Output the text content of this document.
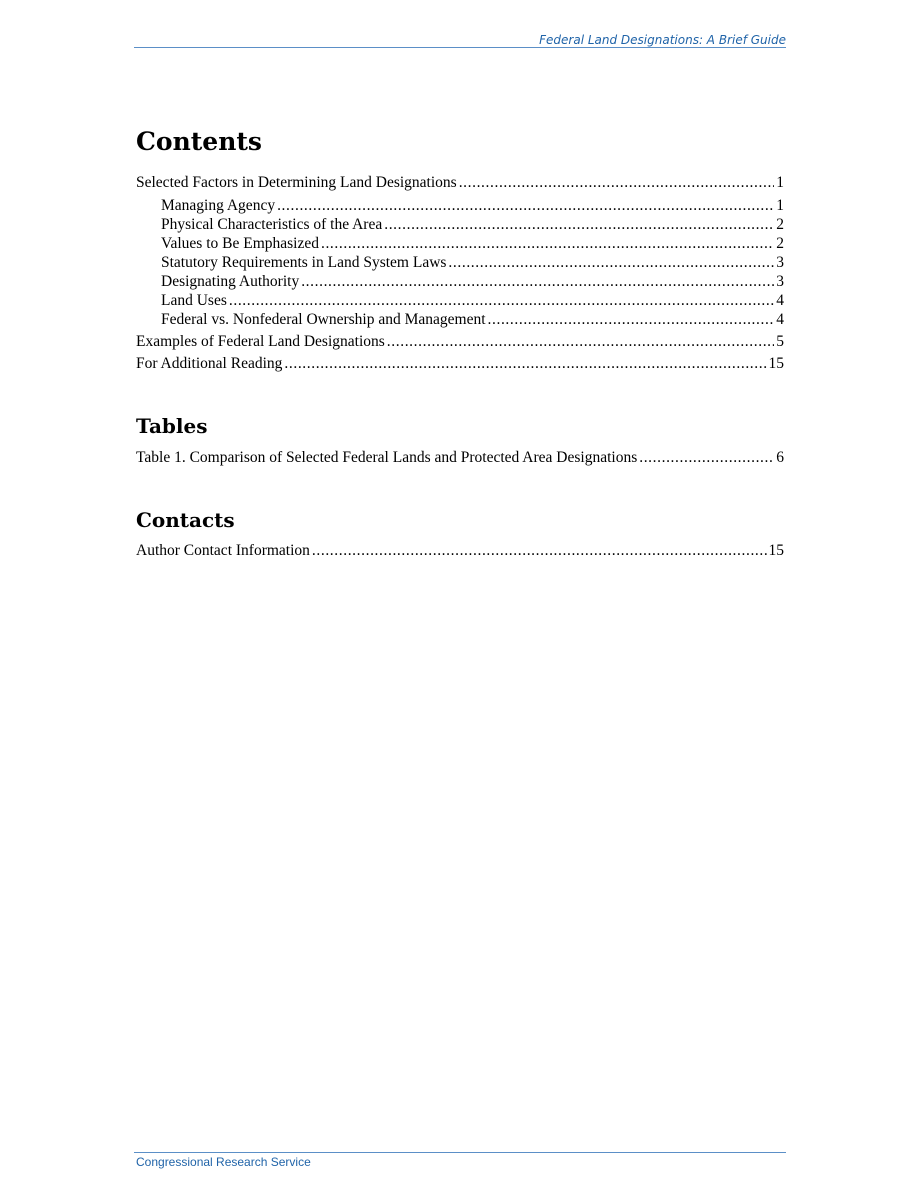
Federal Land Designations: A Brief Guide
Contents
Selected Factors in Determining Land Designations .....	1
Managing Agency .....	1
Physical Characteristics of the Area .....	2
Values to Be Emphasized .....	2
Statutory Requirements in Land System Laws .....	3
Designating Authority .....	3
Land Uses .....	4
Federal vs. Nonfederal Ownership and Management .....	4
Examples of Federal Land Designations .....	5
For Additional Reading .....	15
Tables
Table 1. Comparison of Selected Federal Lands and Protected Area Designations .....	6
Contacts
Author Contact Information .....	15
Congressional Research Service
